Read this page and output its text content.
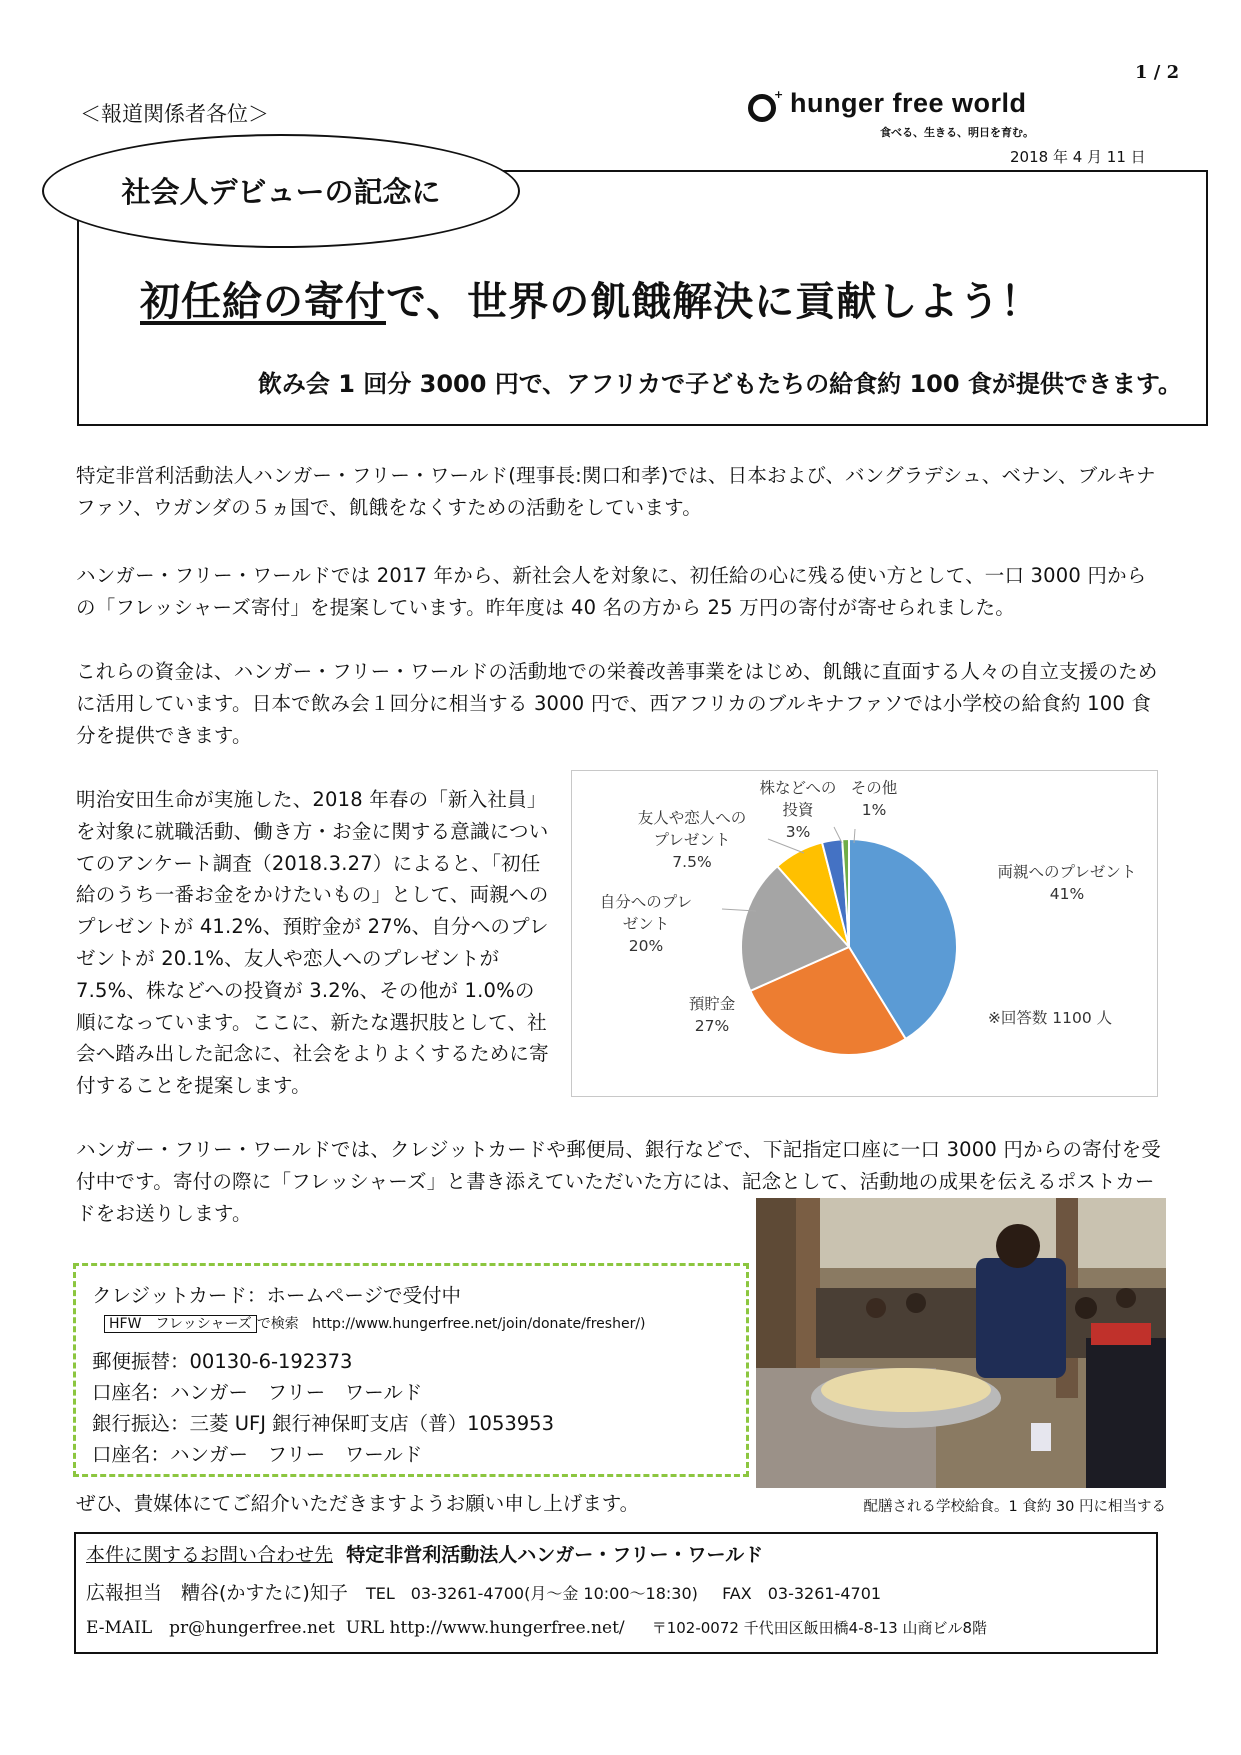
1 / 2
＜報道関係者各位＞
+ hunger free world
食べる、生きる、明日を育む。
2018 年 4 月 11 日
社会人デビューの記念に
初任給の寄付で、世界の飢餓解決に貢献しよう！
飲み会 1 回分 3000 円で、アフリカで子どもたちの給食約 100 食が提供できます。
特定非営利活動法人ハンガー・フリー・ワールド(理事長:関口和孝)では、日本および、バングラデシュ、ベナン、ブルキナファソ、ウガンダの５ヵ国で、飢餓をなくすための活動をしています。
ハンガー・フリー・ワールドでは 2017 年から、新社会人を対象に、初任給の心に残る使い方として、一口 3000 円からの「フレッシャーズ寄付」を提案しています。昨年度は 40 名の方から 25 万円の寄付が寄せられました。
これらの資金は、ハンガー・フリー・ワールドの活動地での栄養改善事業をはじめ、飢餓に直面する人々の自立支援のために活用しています。日本で飲み会１回分に相当する 3000 円で、西アフリカのブルキナファソでは小学校の給食約 100 食分を提供できます。
明治安田生命が実施した、2018 年春の「新入社員」を対象に就職活動、働き方・お金に関する意識についてのアンケート調査（2018.3.27）によると、「初任給のうち一番お金をかけたいもの」として、両親へのプレゼントが 41.2%、預貯金が 27%、自分へのプレゼントが 20.1%、友人や恋人へのプレゼントが 7.5%、株などへの投資が 3.2%、その他が 1.0%の順になっています。ここに、新たな選択肢として、社会へ踏み出した記念に、社会をよりよくするために寄付することを提案します。
ハンガー・フリー・ワールドでは、クレジットカードや郵便局、銀行などで、下記指定口座に一口 3000 円からの寄付を受付中です。寄付の際に「フレッシャーズ」と書き添えていただいた方には、記念として、活動地の成果を伝えるポストカードをお送りします。
両親へのプレゼント
41%
預貯金
27%
自分へのプレ
ゼント
20%
友人や恋人への
プレゼント
7.5%
株などへの
投資
3%
その他
1%
※回答数 1100 人
クレジットカード：ホームページで受付中
HFW　フレッシャーズ で検索 http://www.hungerfree.net/join/donate/fresher/)
郵便振替：00130-6-192373
口座名：ハンガー　フリー　ワールド
銀行振込：三菱 UFJ 銀行神保町支店（普）1053953
口座名：ハンガー　フリー　ワールド
配膳される学校給食。1 食約 30 円に相当する
ぜひ、貴媒体にてご紹介いただきますようお願い申し上げます。
本件に関するお問い合わせ先 特定非営利活動法人ハンガー・フリー・ワールド
広報担当　糟谷(かすたに)知子 TEL　03-3261-4700(月～金 10:00～18:30) FAX　03-3261-4701
E-MAIL　pr@hungerfree.net URL http://www.hungerfree.net/ 〒102-0072 千代田区飯田橋4-8-13 山商ビル8階
